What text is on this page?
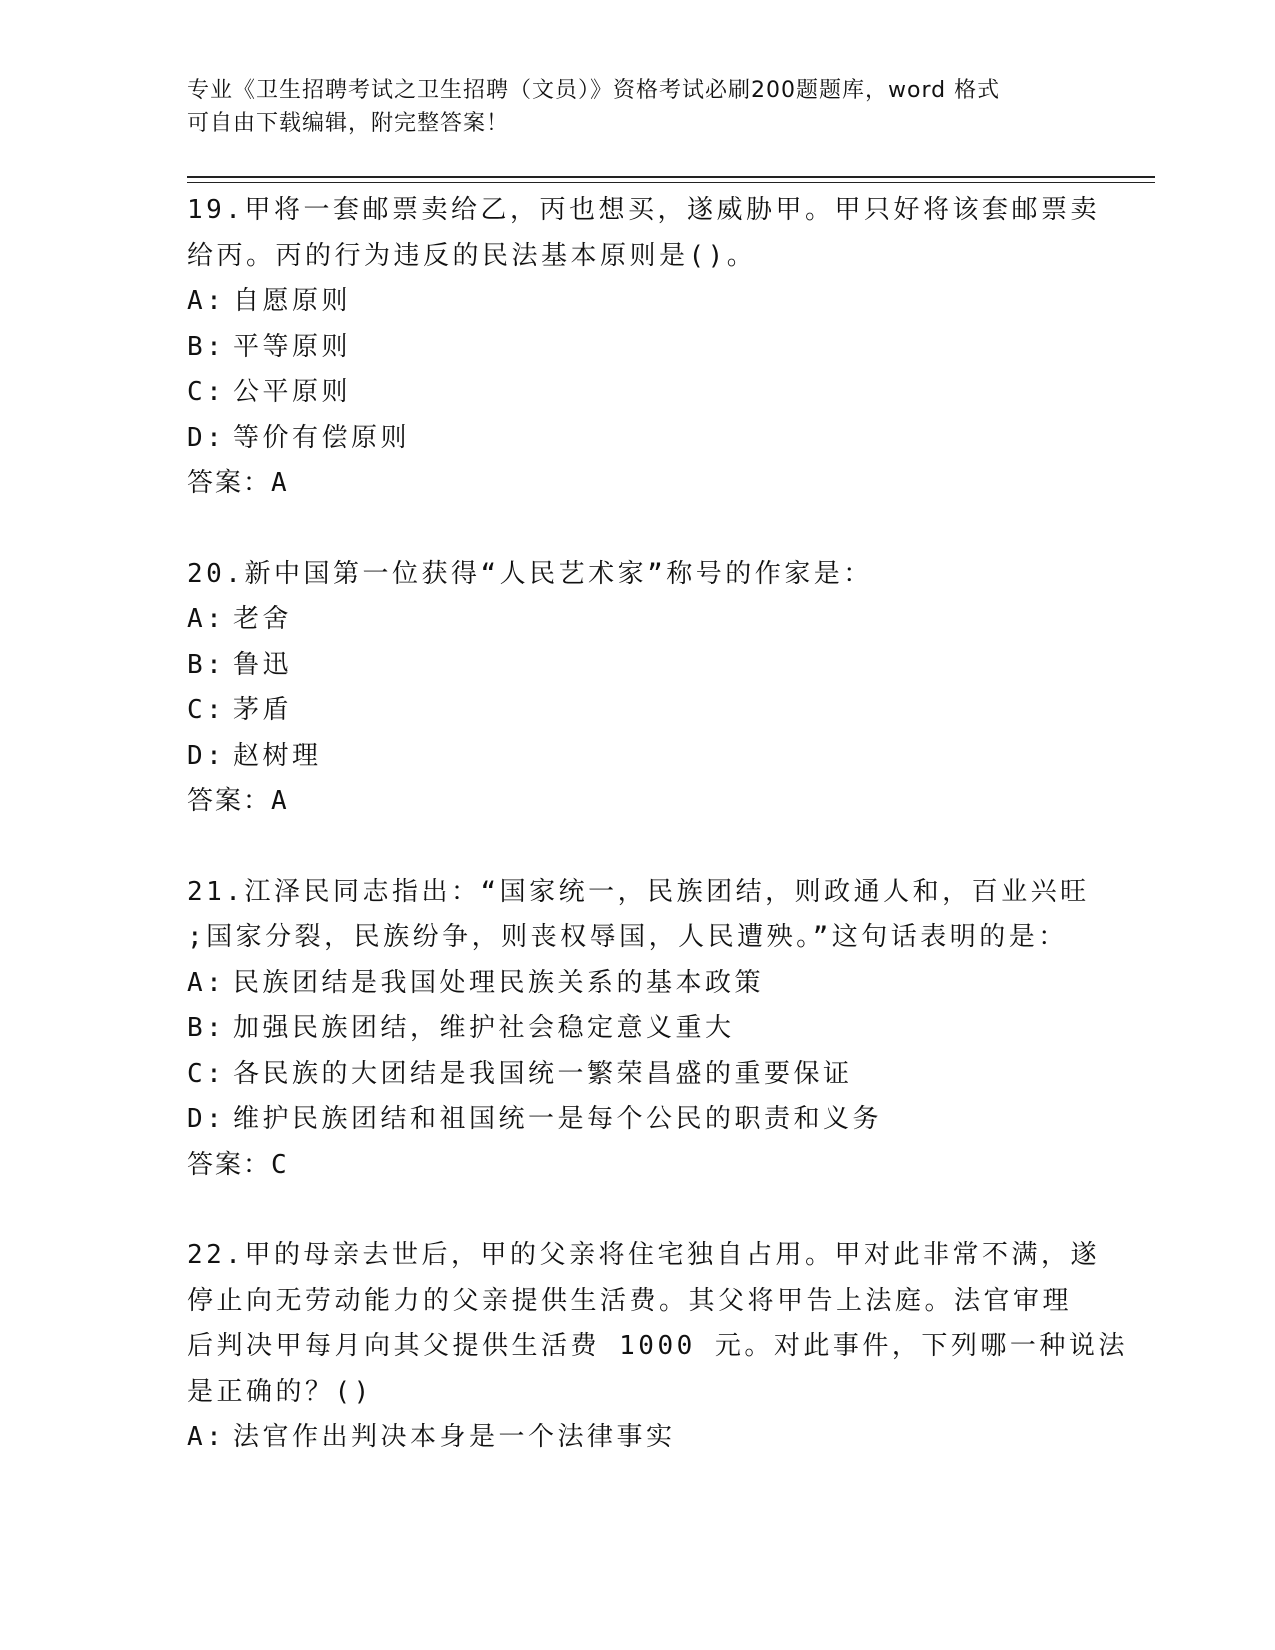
专业《卫生招聘考试之卫生招聘（文员）》资格考试必刷200题题库，word 格式
可自由下载编辑，附完整答案！
19.甲将一套邮票卖给乙，丙也想买，遂威胁甲。甲只好将该套邮票卖
给丙。丙的行为违反的民法基本原则是()。
A: 自愿原则
B: 平等原则
C: 公平原则
D: 等价有偿原则
答案：A
20.新中国第一位获得“人民艺术家”称号的作家是：
A: 老舍
B: 鲁迅
C: 茅盾
D: 赵树理
答案：A
21.江泽民同志指出：“国家统一，民族团结，则政通人和，百业兴旺
;国家分裂，民族纷争，则丧权辱国，人民遭殃。”这句话表明的是：
A: 民族团结是我国处理民族关系的基本政策
B: 加强民族团结，维护社会稳定意义重大
C: 各民族的大团结是我国统一繁荣昌盛的重要保证
D: 维护民族团结和祖国统一是每个公民的职责和义务
答案：C
22.甲的母亲去世后，甲的父亲将住宅独自占用。甲对此非常不满，遂
停止向无劳动能力的父亲提供生活费。其父将甲告上法庭。法官审理
后判决甲每月向其父提供生活费 1000 元。对此事件，下列哪一种说法
是正确的？()
A: 法官作出判决本身是一个法律事实
